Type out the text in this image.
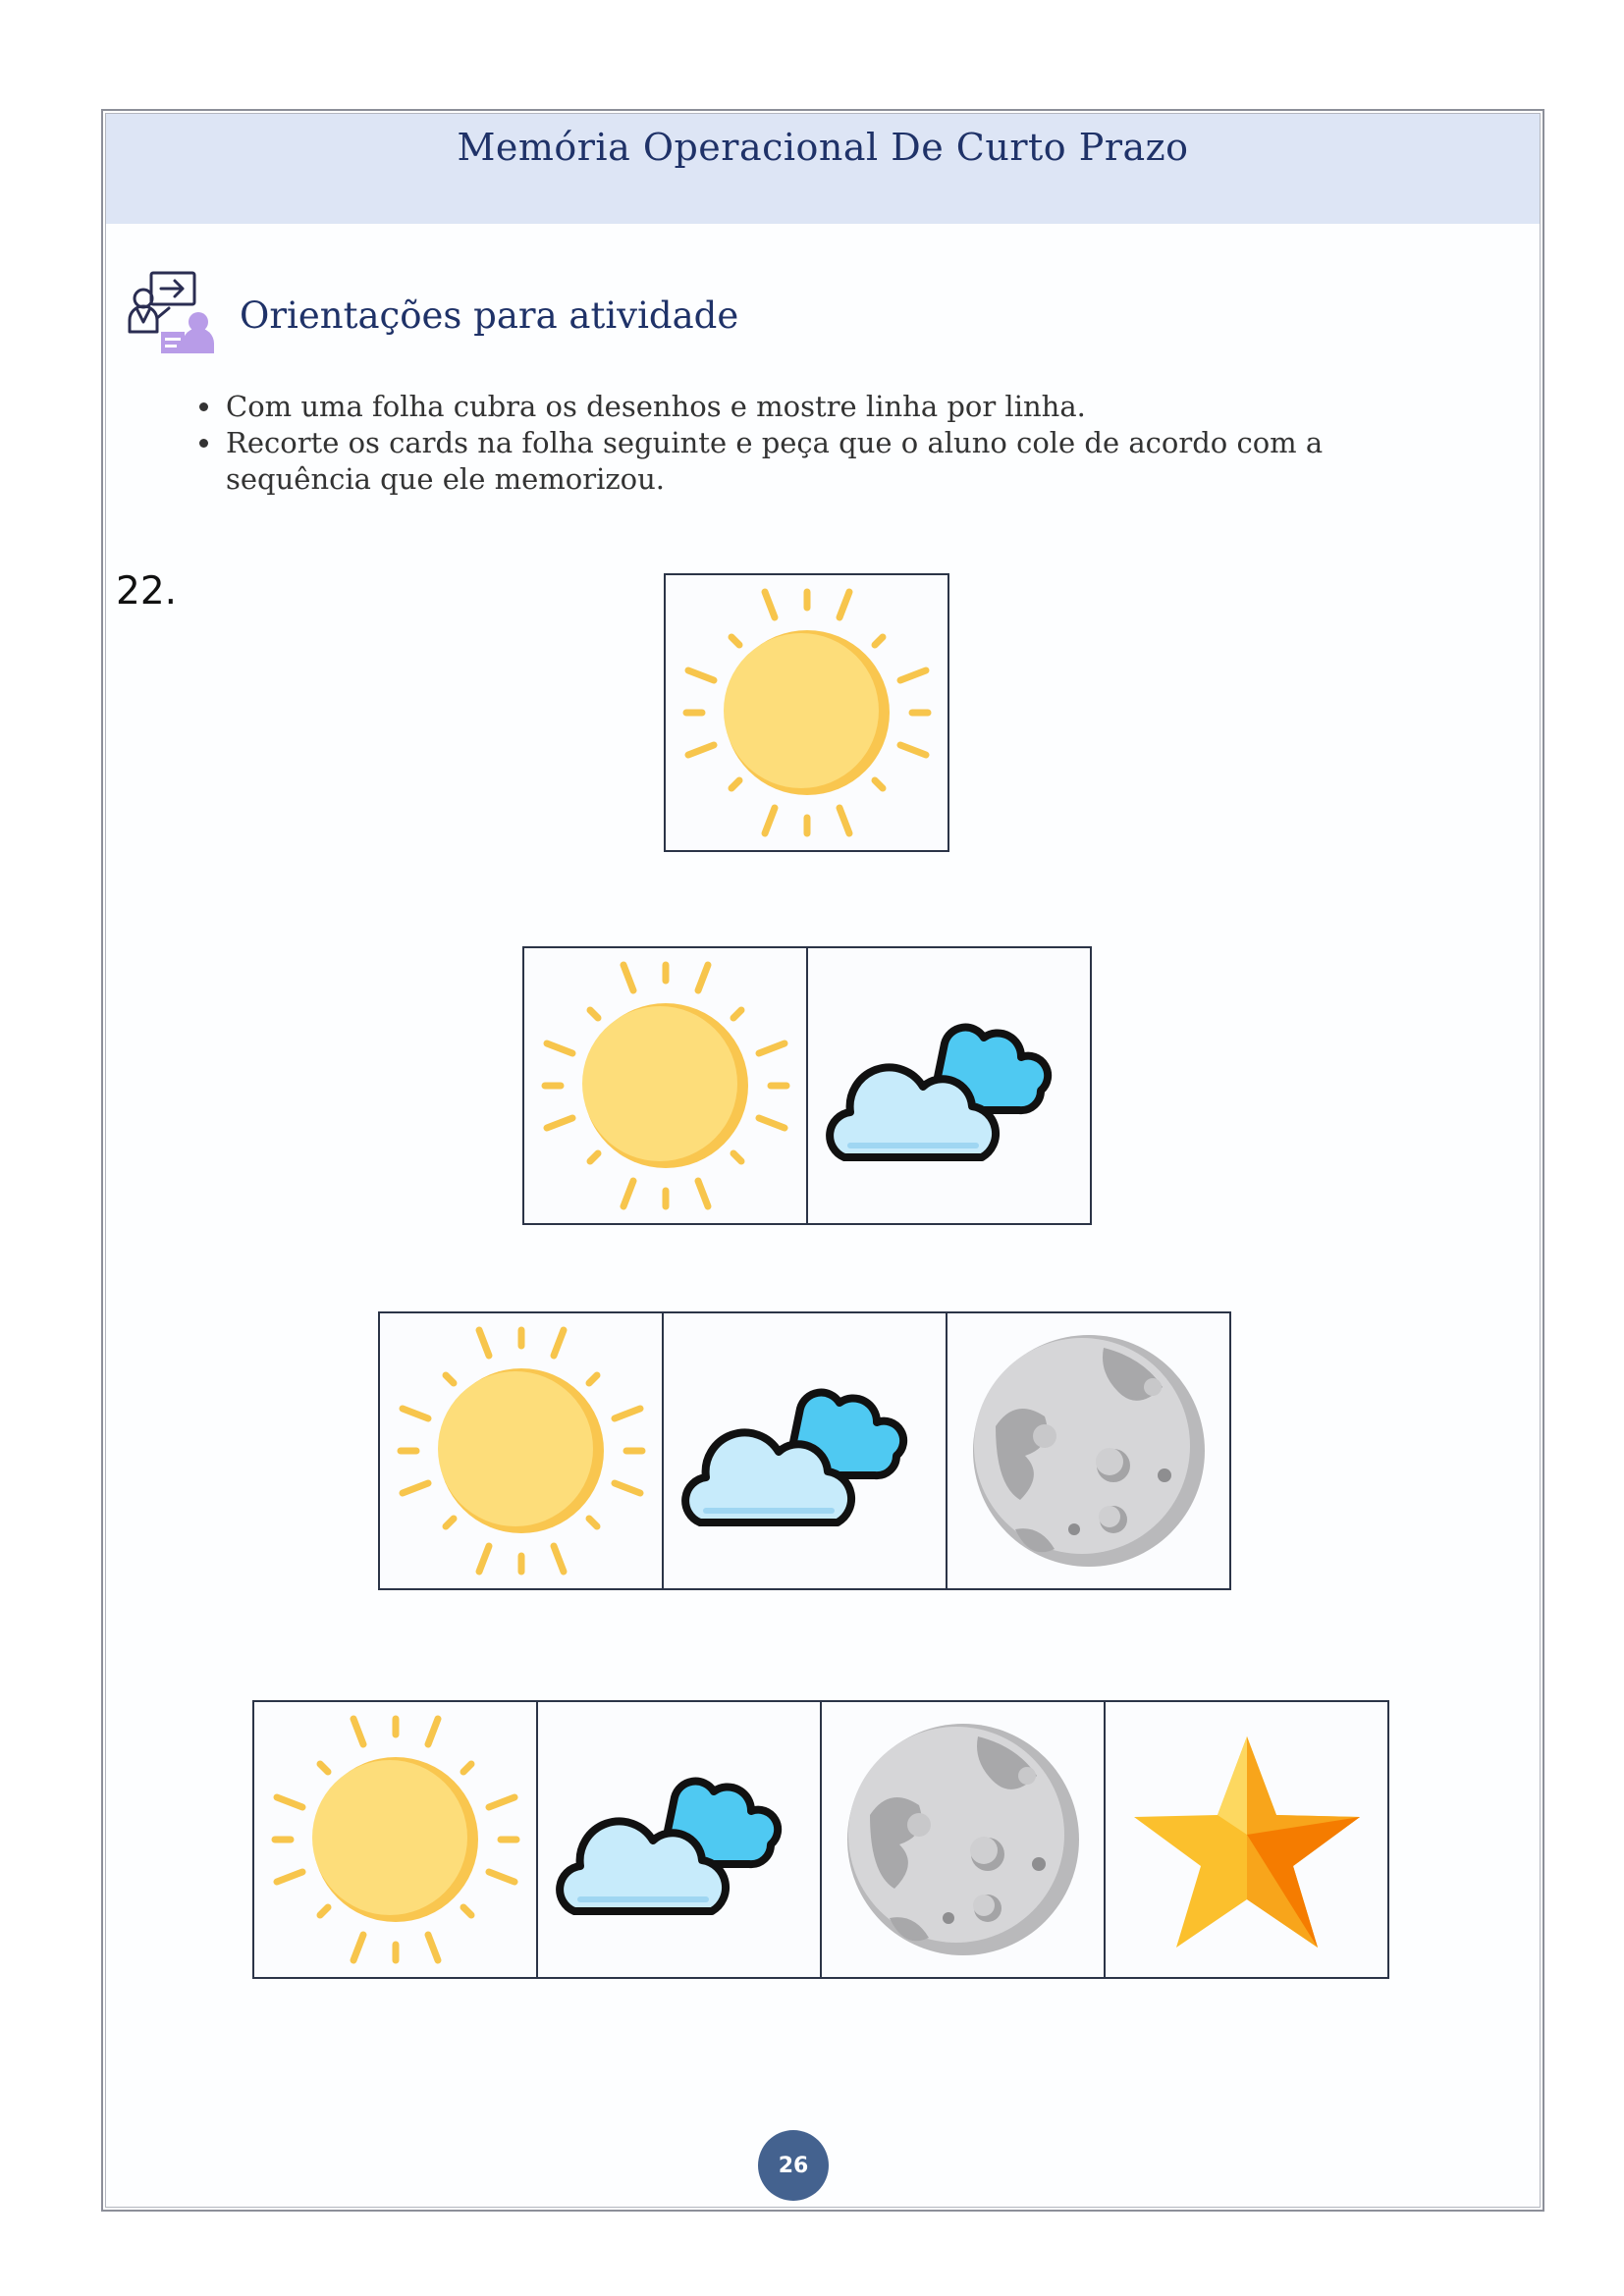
Memória Operacional De Curto Prazo
Orientações para atividade
• Com uma folha cubra os desenhos e mostre linha por linha.
• Recorte os cards na folha seguinte e peça que o aluno cole de acordo com a sequência que ele memorizou.
22.
26
